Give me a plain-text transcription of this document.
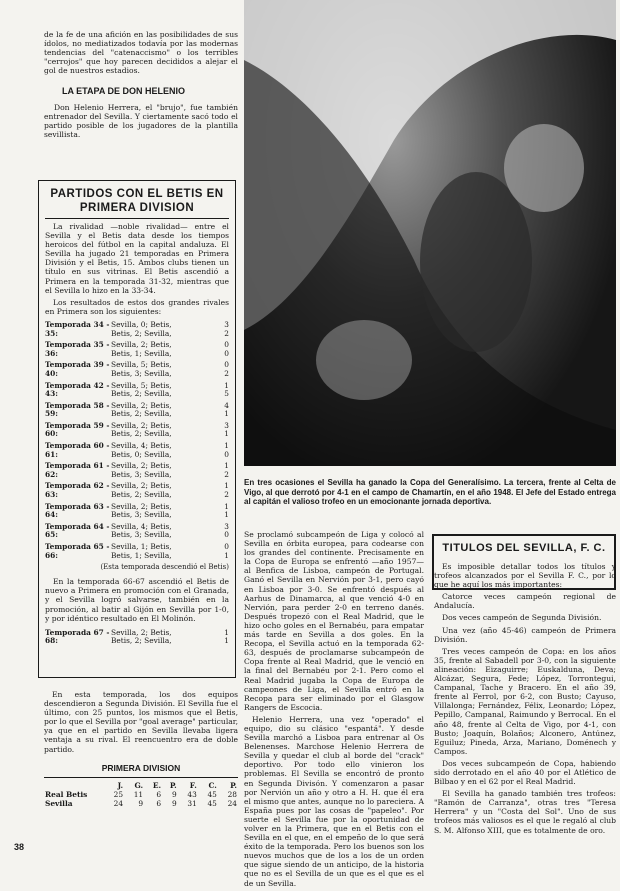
de la fe de una afición en las posibilidades de sus ídolos, no mediatizados todavía por las modernas tendencias del "catenaccismo" o los terribles "cerrojos" que hoy parecen decididos a alejar el gol de nuestros estadios.

LA ETAPA DE DON HELENIO

Don Helenio Herrera, el "brujo", fue también entrenador del Sevilla. Y ciertamente sacó todo el partido posible de los jugadores de la plantilla sevillista.

En tres ocasiones el Sevilla ha ganado la Copa del Generalísimo. La tercera, frente al Celta de Vigo, al que derrotó por 4-1 en el campo de Chamartín, en el año 1948. El Jefe del Estado entrega al capitán el valioso trofeo en un emocionante jornada deportiva.
PARTIDOS CON EL BETIS EN
PRIMERA DIVISION

La rivalidad —noble rivalidad— entre el Sevilla y el Betis data desde los tiempos heroicos del fútbol en la capital andaluza. El Sevilla ha jugado 21 temporadas en Primera División y el Betis, 15. Ambos clubs tienen un título en sus vitrinas. El Betis ascendió a Primera en la temporada 31-32, mientras que el Sevilla lo hizo en la 33-34.

Los resultados de estos dos grandes rivales en Primera son los siguientes:

Temporada 34 - 35:
Sevilla, 0; Betis,	3
Betis, 2; Sevilla,	2
Temporada 35 - 36:
Sevilla, 2; Betis,	0
Betis, 1; Sevilla,	0
Temporada 39 - 40:
Sevilla, 5; Betis,	0
Betis, 3; Sevilla,	2
Temporada 42 - 43:
Sevilla, 5; Betis,	1
Betis, 2; Sevilla,	5
Temporada 58 - 59:
Sevilla, 2; Betis,	4
Betis, 2; Sevilla,	1
Temporada 59 - 60:
Sevilla, 2; Betis,	3
Betis, 2; Sevilla,	1
Temporada 60 - 61:
Sevilla, 4; Betis,	1
Betis, 0; Sevilla,	0
Temporada 61 - 62:
Sevilla, 2; Betis,	1
Betis, 3; Sevilla,	2
Temporada 62 - 63:
Sevilla, 2; Betis,	1
Betis, 2; Sevilla,	2
Temporada 63 - 64:
Sevilla, 2; Betis,	1
Betis, 3; Sevilla,	1
Temporada 64 - 65:
Sevilla, 4; Betis,	3
Betis, 3; Sevilla,	0
Temporada 65 - 66:
Sevilla, 1; Betis,	0
Betis, 1; Sevilla,	1
(Esta temporada descendió el Betis)

En la temporada 66-67 ascendió el Betis de nuevo a Primera en promoción con el Granada, y el Sevilla logró salvarse, también en la promoción, al batir al Gijón en Sevilla por 1-0, y por idéntico resultado en El Molinón.

Temporada 67 - 68:
Sevilla, 2; Betis,	1
Betis, 2; Sevilla,	1

En esta temporada, los dos equipos descendieron a Segunda División. El Sevilla fue el último, con 25 puntos, los mismos que el Betis, por lo que el Sevilla por "goal average" particular, ya que en el partido en Sevilla llevaba ligera ventaja a su rival. El reencuentro era de doble partido.

PRIMERA DIVISION
	J.	G.	E.	P.	F.	C.	P.
Real Betis	25	11	6	9	43	45	28
Sevilla	24	9	6	9	31	45	24

Se proclamó subcampeón de Liga y colocó al Sevilla en órbita europea, para codearse con los grandes del continente. Precisamente en la Copa de Europa se enfrentó —año 1957— al Benfica de Lisboa, campeón de Portugal. Ganó el Sevilla en Nervión por 3-1, pero cayó en Lisboa por 3-0. Se enfrentó después al Aarhus de Dinamarca, al que venció 4-0 en Nervión, para perder 2-0 en terreno danés. Después tropezó con el Real Madrid, que le hizo ocho goles en el Bernabéu, para empatar más tarde en Sevilla a dos goles. En la Recopa, el Sevilla actuó en la temporada 62-63, después de proclamarse subcampeón de Copa frente al Real Madrid, que le venció en la final del Bernabéu por 2-1. Pero como el Real Madrid jugaba la Copa de Europa de campeones de Liga, el Sevilla entró en la Recopa para ser eliminado por el Glasgow Rangers de Escocia.

Helenio Herrera, una vez "operado" el equipo, dio su clásico "espantá". Y desde Sevilla marchó a Lisboa para entrenar al Os Belenenses. Marchose Helenio Herrera de Sevilla y quedar el club al borde del "crack" deportivo. Por todo ello vinieron los problemas. El Sevilla se encontró de pronto en Segunda Divisón. Y comenzaron a pasar por Nervión un año y otro a H. H. que él era el mismo que antes, aunque no lo pareciera. A España pues por las cosas de "papeleo". Por suerte el Sevilla fue por la oportunidad de volver en la Primera, que en el Betis con el Sevilla en el que, en el empeño de lo que será éxito de la temporada. Pero los buenos son los nuevos muchos que de los a los de un orden que sigue siendo de un anticipo, de la historia que no es el Sevilla de un que es el que es el de un Sevilla.

TITULOS DEL SEVILLA, F. C.

Es imposible detallar todos los títulos y trofeos alcanzados por el Sevilla F. C., por lo que he aquí los más importantes:

Catorce veces campeón regional de Andalucía.

Dos veces campeón de Segunda División.

Una vez (año 45-46) campeón de Primera División.

Tres veces campeón de Copa: en los años 35, frente al Sabadell por 3-0, con la siguiente alineación: Eizaguirre; Euskalduna, Deva; Alcázar, Segura, Fede; López, Torrontegui, Campanal, Tache y Bracero. En el año 39, frente al Ferrol, por 6-2, con Busto; Cayuso, Villalonga; Fernández, Félix, Leonardo; López, Pepillo, Campanal, Raimundo y Berrocal. En el año 48, frente al Celta de Vigo, por 4-1, con Busto; Joaquín, Bolaños; Alconero, Antúnez, Eguiluz; Pineda, Arza, Mariano, Doménech y Campos.

Dos veces subcampeón de Copa, habiendo sido derrotado en el año 40 por el Atlético de Bilbao y en el 62 por el Real Madrid.

El Sevilla ha ganado también tres trofeos: "Ramón de Carranza", otras tres "Teresa Herrera" y un "Costa del Sol". Uno de sus trofeos más valiosos es el que le regaló al club S. M. Alfonso XIII, que es totalmente de oro.

38
